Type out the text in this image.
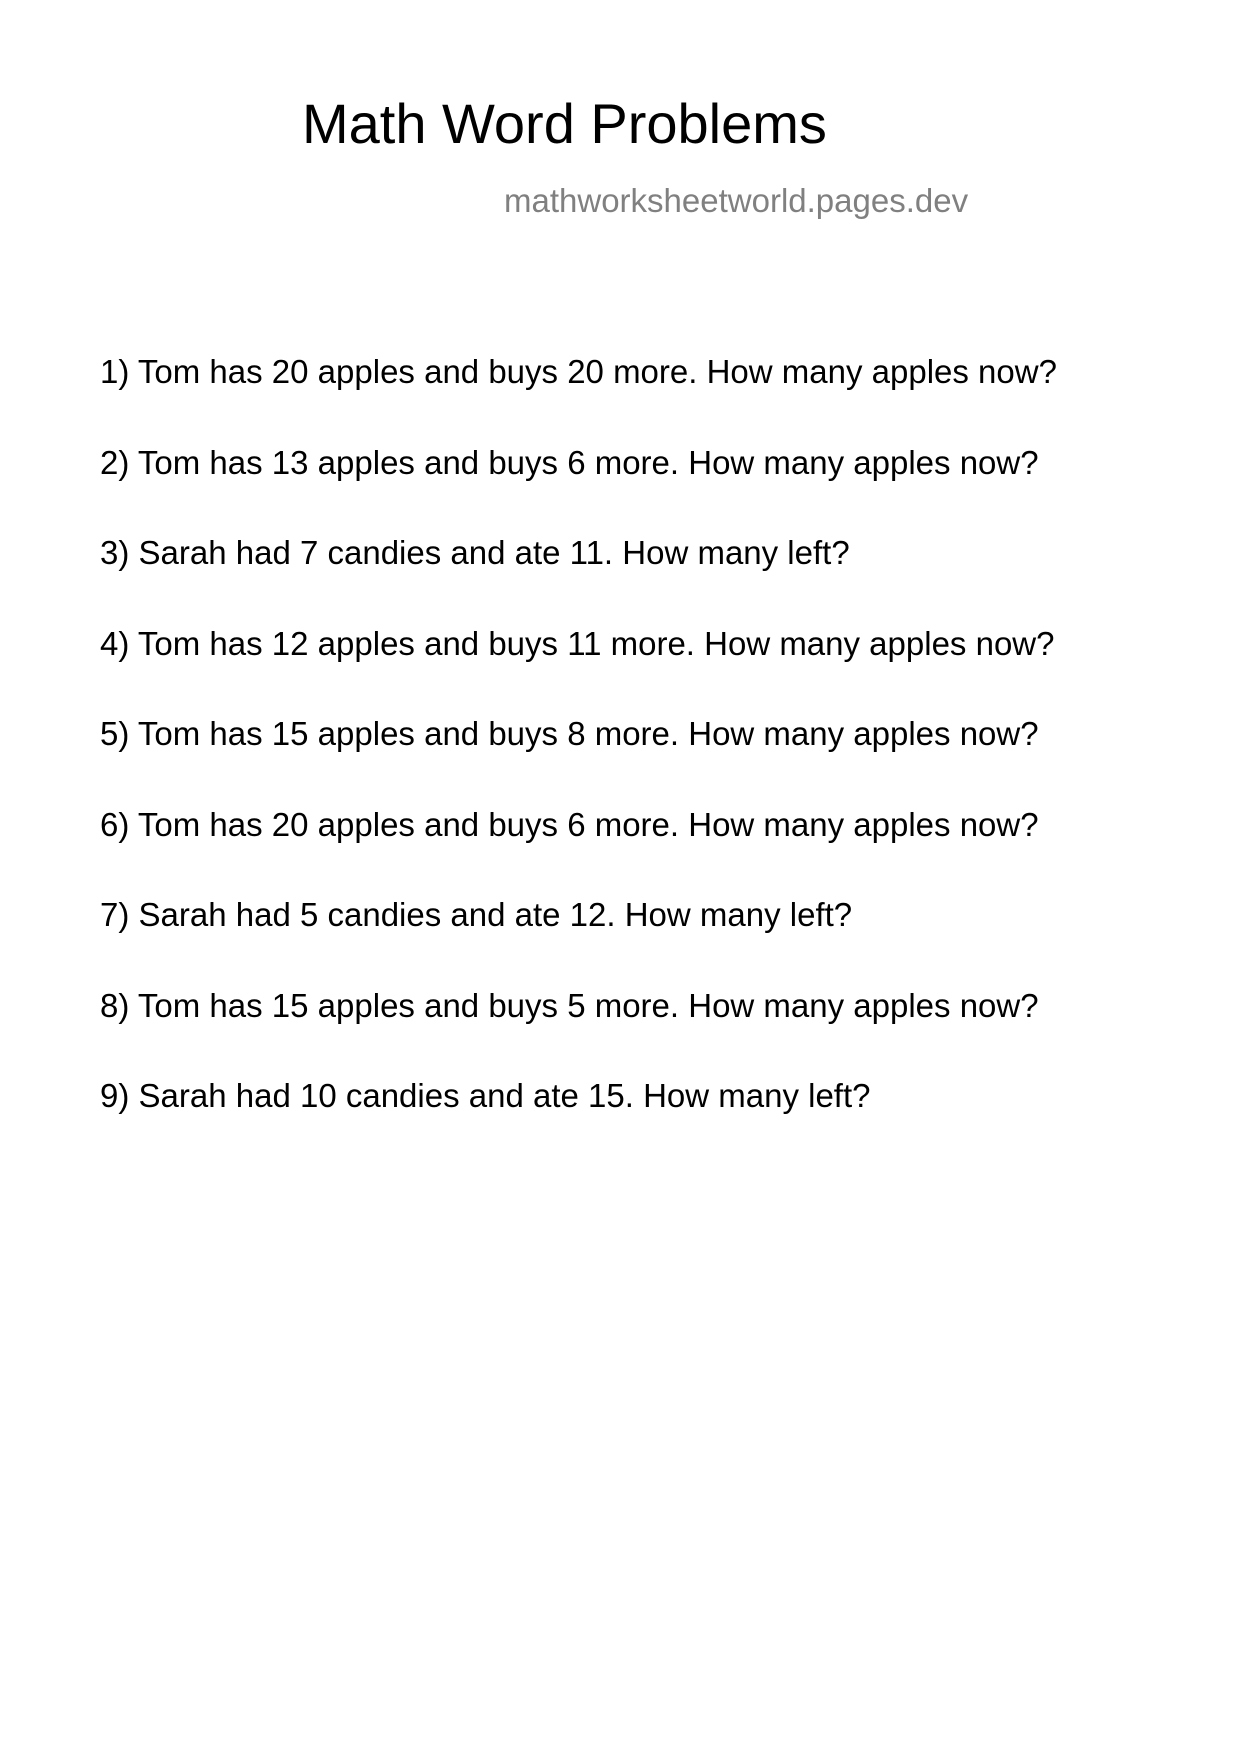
Math Word Problems
mathworksheetworld.pages.dev
1) Tom has 20 apples and buys 20 more. How many apples now?
2) Tom has 13 apples and buys 6 more. How many apples now?
3) Sarah had 7 candies and ate 11. How many left?
4) Tom has 12 apples and buys 11 more. How many apples now?
5) Tom has 15 apples and buys 8 more. How many apples now?
6) Tom has 20 apples and buys 6 more. How many apples now?
7) Sarah had 5 candies and ate 12. How many left?
8) Tom has 15 apples and buys 5 more. How many apples now?
9) Sarah had 10 candies and ate 15. How many left?
